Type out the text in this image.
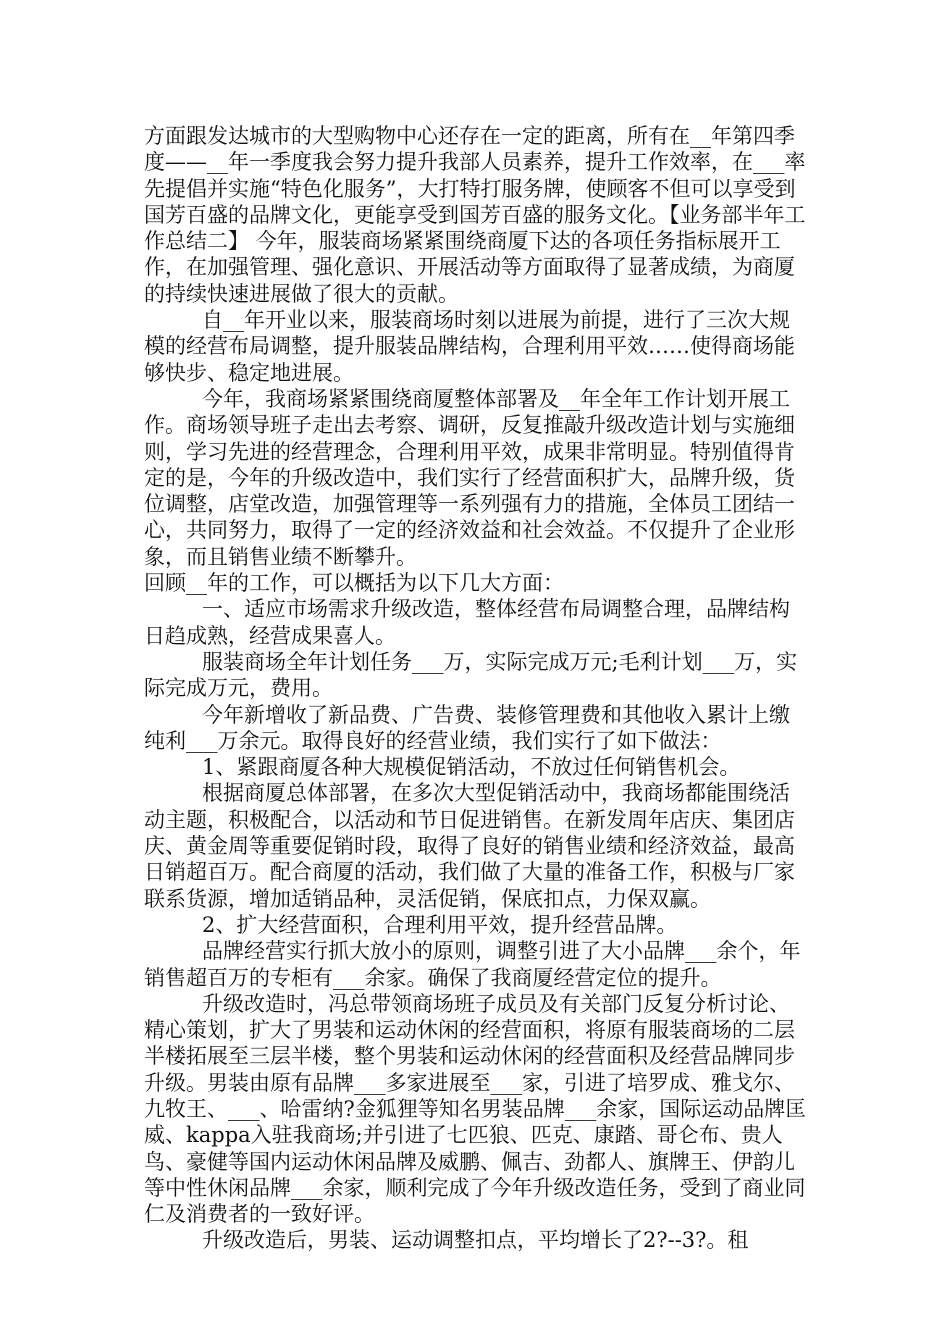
方面跟发达城市的大型购物中心还存在一定的距离，所有在__年第四季度——__年一季度我会努力提升我部人员素养，提升工作效率，在___率先提倡并实施“特色化服务”，大打特打服务牌，使顾客不但可以享受到国芳百盛的品牌文化，更能享受到国芳百盛的服务文化。【业务部半年工作总结二】 今年，服装商场紧紧围绕商厦下达的各项任务指标展开工作，在加强管理、强化意识、开展活动等方面取得了显著成绩，为商厦的持续快速进展做了很大的贡献。

自__年开业以来，服装商场时刻以进展为前提，进行了三次大规模的经营布局调整，提升服装品牌结构，合理利用平效……使得商场能够快步、稳定地进展。

今年，我商场紧紧围绕商厦整体部署及__年全年工作计划开展工作。商场领导班子走出去考察、调研，反复推敲升级改造计划与实施细则，学习先进的经营理念，合理利用平效，成果非常明显。特别值得肯定的是，今年的升级改造中，我们实行了经营面积扩大，品牌升级，货位调整，店堂改造，加强管理等一系列强有力的措施，全体员工团结一心，共同努力，取得了一定的经济效益和社会效益。不仅提升了企业形象，而且销售业绩不断攀升。

回顾__年的工作，可以概括为以下几大方面：

一、适应市场需求升级改造，整体经营布局调整合理，品牌结构日趋成熟，经营成果喜人。

服装商场全年计划任务___万，实际完成万元;毛利计划___万，实际完成万元，费用。

今年新增收了新品费、广告费、装修管理费和其他收入累计上缴纯利___万余元。取得良好的经营业绩，我们实行了如下做法：

1、紧跟商厦各种大规模促销活动，不放过任何销售机会。

根据商厦总体部署，在多次大型促销活动中，我商场都能围绕活动主题，积极配合，以活动和节日促进销售。在新发周年店庆、集团店庆、黄金周等重要促销时段，取得了良好的销售业绩和经济效益，最高日销超百万。配合商厦的活动，我们做了大量的准备工作，积极与厂家联系货源，增加适销品种，灵活促销，保底扣点，力保双赢。

2、扩大经营面积，合理利用平效，提升经营品牌。

品牌经营实行抓大放小的原则，调整引进了大小品牌___余个，年销售超百万的专柜有___余家。确保了我商厦经营定位的提升。

升级改造时，冯总带领商场班子成员及有关部门反复分析讨论、精心策划，扩大了男装和运动休闲的经营面积，将原有服装商场的二层半楼拓展至三层半楼，整个男装和运动休闲的经营面积及经营品牌同步升级。男装由原有品牌___多家进展至___家，引进了培罗成、雅戈尔、九牧王、___、哈雷纳?金狐狸等知名男装品牌___余家，国际运动品牌匡威、kappa入驻我商场;并引进了七匹狼、匹克、康踏、哥仑布、贵人鸟、豪健等国内运动休闲品牌及威鹏、佩吉、劲都人、旗牌王、伊韵儿等中性休闲品牌___余家，顺利完成了今年升级改造任务，受到了商业同仁及消费者的一致好评。

升级改造后，男装、运动调整扣点，平均增长了2?--3?。租
